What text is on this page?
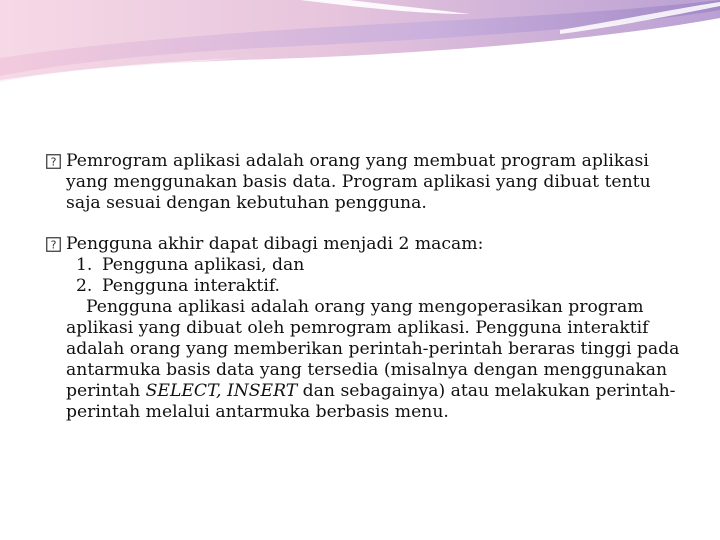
? Pemrogram aplikasi adalah orang yang membuat program aplikasi yang menggunakan basis data. Program aplikasi yang dibuat tentu saja sesuai dengan kebutuhan pengguna.

? Pengguna akhir dapat dibagi menjadi 2 macam:
1. Pengguna aplikasi, dan
2. Pengguna interaktif.
Pengguna aplikasi adalah orang yang mengoperasikan program aplikasi yang dibuat oleh pemrogram aplikasi. Pengguna interaktif adalah orang yang memberikan perintah-perintah beraras tinggi pada antarmuka basis data yang tersedia (misalnya dengan menggunakan perintah SELECT, INSERT dan sebagainya) atau melakukan perintah-perintah melalui antarmuka berbasis menu.
